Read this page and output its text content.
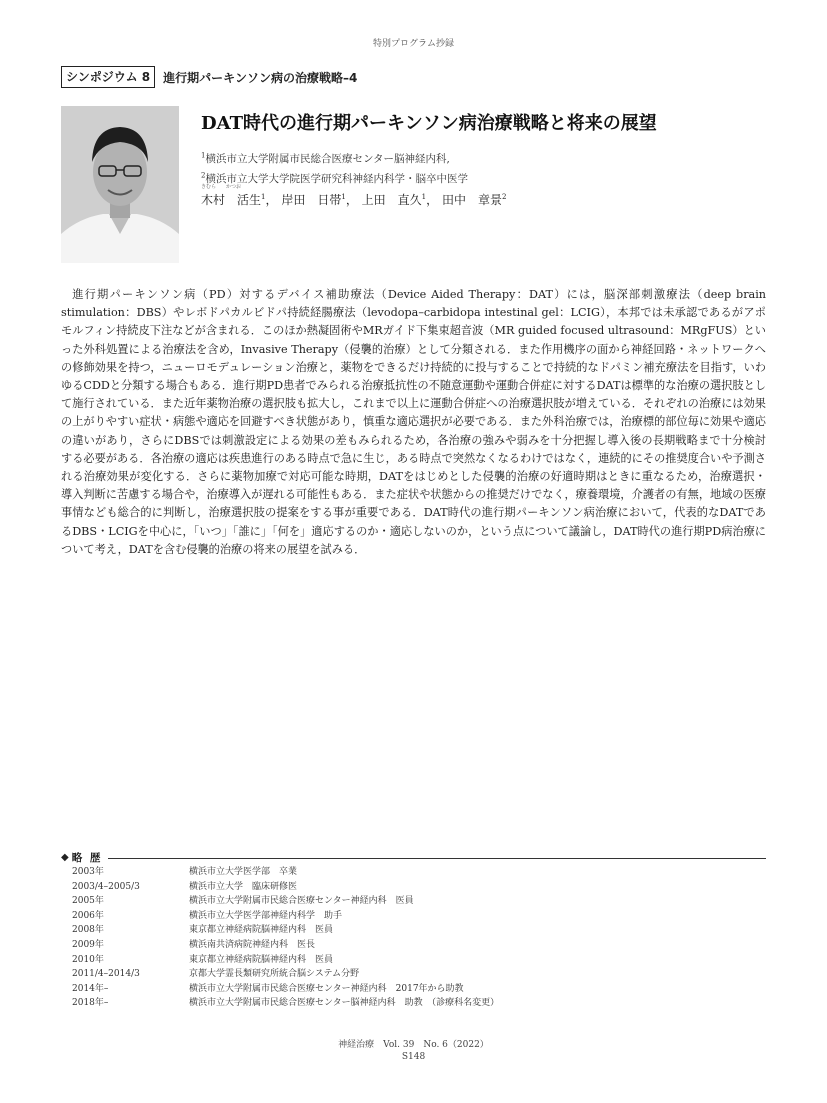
特別プログラム抄録
シンポジウム 8	進行期パーキンソン病の治療戦略–4
DAT時代の進行期パーキンソン病治療戦略と将来の展望
$^1$横浜市立大学附属市民総合医療センター脳神経内科,
$^2$横浜市立大学大学院医学研究科神経内科学・脳卒中医学
きむら　　かつお
木村　活生$^1$， 岸田　日帯$^1$， 上田　直久$^1$， 田中　章景$^2$

進行期パーキンソン病（PD）対するデバイス補助療法（Device Aided Therapy：DAT）には，脳深部刺激療法（deep brain stimulation：DBS）やレボドパカルビドパ持続経腸療法（levodopa–carbidopa intestinal gel：LCIG），本邦では未承認であるがアポモルフィン持続皮下注などが含まれる．このほか熱凝固術やMRガイド下集束超音波（MR guided focused ultrasound：MRgFUS）といった外科処置による治療法を含め，Invasive Therapy（侵襲的治療）として分類される．また作用機序の面から神経回路・ネットワークへの修飾効果を持つ，ニューロモデュレーション治療と，薬物をできるだけ持続的に投与することで持続的なドパミン補充療法を目指す，いわゆるCDDと分類する場合もある．進行期PD患者でみられる治療抵抗性の不随意運動や運動合併症に対するDATは標準的な治療の選択肢として施行されている．また近年薬物治療の選択肢も拡大し，これまで以上に運動合併症への治療選択肢が増えている．それぞれの治療には効果の上がりやすい症状・病態や適応を回避すべき状態があり，慎重な適応選択が必要である．また外科治療では，治療標的部位毎に効果や適応の違いがあり，さらにDBSでは刺激設定による効果の差もみられるため，各治療の強みや弱みを十分把握し導入後の長期戦略まで十分検討する必要がある．各治療の適応は疾患進行のある時点で急に生じ，ある時点で突然なくなるわけではなく，連続的にその推奨度合いや予測される治療効果が変化する．さらに薬物加療で対応可能な時期，DATをはじめとした侵襲的治療の好適時期はときに重なるため，治療選択・導入判断に苦慮する場合や，治療導入が遅れる可能性もある．また症状や状態からの推奨だけでなく，療養環境，介護者の有無，地域の医療事情なども総合的に判断し，治療選択肢の提案をする事が重要である．DAT時代の進行期パーキンソン病治療において，代表的なDATであるDBS・LCIGを中心に，「いつ」「誰に」「何を」適応するのか・適応しないのか，という点について議論し，DAT時代の進行期PD病治療について考え，DATを含む侵襲的治療の将来の展望を試みる．

◆ 略 歴
2003年	横浜市立大学医学部　卒業
2003/4–2005/3	横浜市立大学　臨床研修医
2005年	横浜市立大学附属市民総合医療センター神経内科　医員
2006年	横浜市立大学医学部神経内科学　助手
2008年	東京都立神経病院脳神経内科　医員
2009年	横浜南共済病院神経内科　医長
2010年	東京都立神経病院脳神経内科　医員
2011/4–2014/3	京都大学霊長類研究所統合脳システム分野
2014年–	横浜市立大学附属市民総合医療センター神経内科　2017年から助教
2018年–	横浜市立大学附属市民総合医療センター脳神経内科　助教　（診療科名変更）
神経治療　Vol. 39　No. 6（2022）
S148
